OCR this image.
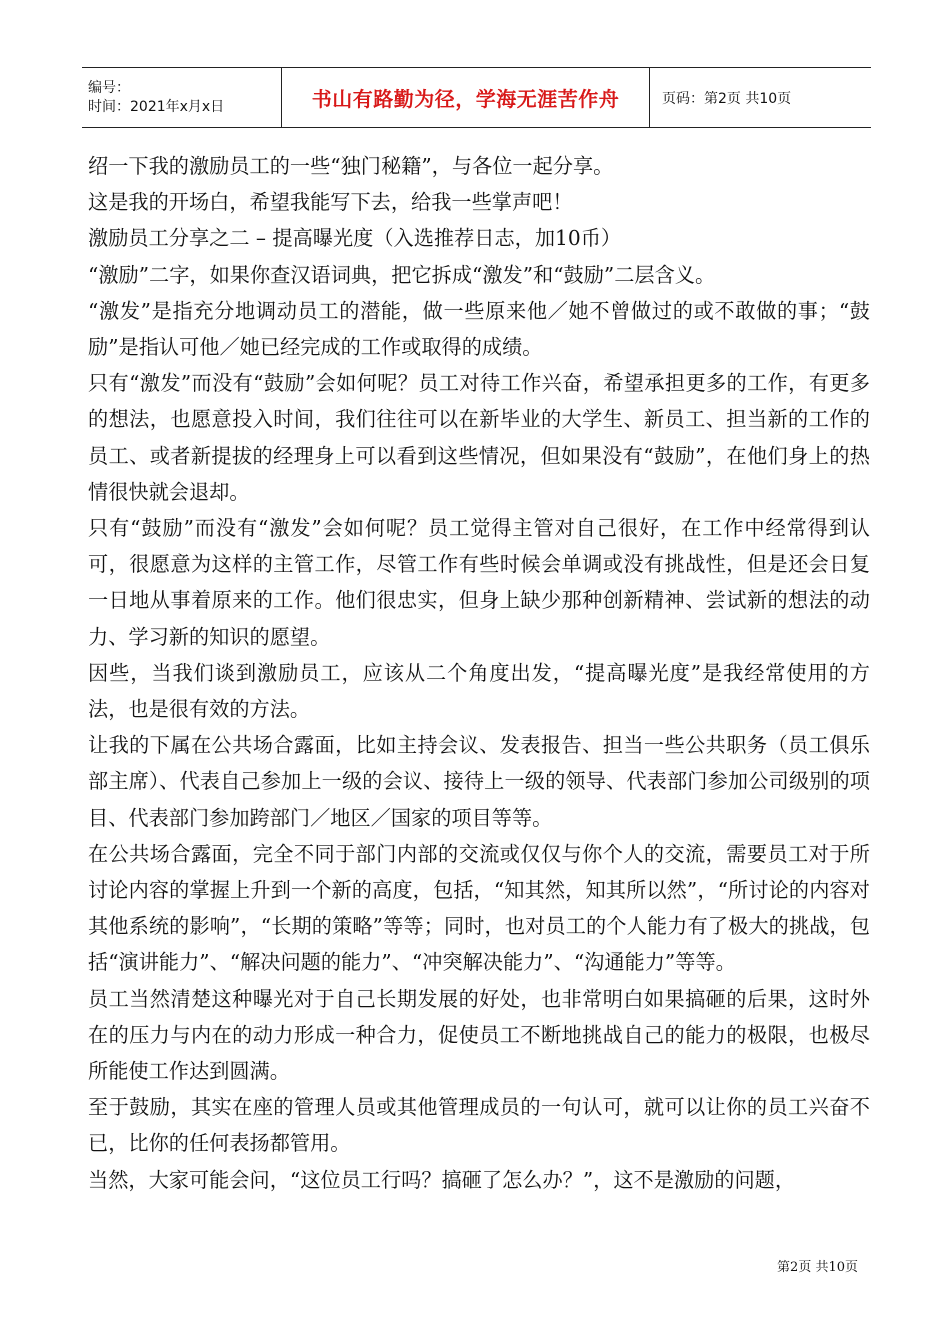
编号：
时间：2021年x月x日	书山有路勤为径，学海无涯苦作舟	页码：第2页 共10页

绍一下我的激励员工的一些“独门秘籍”，与各位一起分享。

这是我的开场白，希望我能写下去，给我一些掌声吧！

激励员工分享之二 – 提高曝光度（入选推荐日志，加10币）

“激励”二字，如果你查汉语词典，把它拆成“激发”和“鼓励”二层含义。

“激发”是指充分地调动员工的潜能，做一些原来他／她不曾做过的或不敢做的事；“鼓励”是指认可他／她已经完成的工作或取得的成绩。

只有“激发”而没有“鼓励”会如何呢？员工对待工作兴奋，希望承担更多的工作，有更多的想法，也愿意投入时间，我们往往可以在新毕业的大学生、新员工、担当新的工作的员工、或者新提拔的经理身上可以看到这些情况，但如果没有“鼓励”，在他们身上的热情很快就会退却。

只有“鼓励”而没有“激发”会如何呢？员工觉得主管对自己很好，在工作中经常得到认可，很愿意为这样的主管工作，尽管工作有些时候会单调或没有挑战性，但是还会日复一日地从事着原来的工作。他们很忠实，但身上缺少那种创新精神、尝试新的想法的动力、学习新的知识的愿望。

因些，当我们谈到激励员工，应该从二个角度出发，“提高曝光度”是我经常使用的方法，也是很有效的方法。

让我的下属在公共场合露面，比如主持会议、发表报告、担当一些公共职务（员工俱乐部主席）、代表自己参加上一级的会议、接待上一级的领导、代表部门参加公司级别的项目、代表部门参加跨部门／地区／国家的项目等等。

在公共场合露面，完全不同于部门内部的交流或仅仅与你个人的交流，需要员工对于所讨论内容的掌握上升到一个新的高度，包括，“知其然，知其所以然”，“所讨论的内容对其他系统的影响”，“长期的策略”等等；同时，也对员工的个人能力有了极大的挑战，包括“演讲能力”、“解决问题的能力”、“冲突解决能力”、“沟通能力”等等。

员工当然清楚这种曝光对于自己长期发展的好处，也非常明白如果搞砸的后果，这时外在的压力与内在的动力形成一种合力，促使员工不断地挑战自己的能力的极限，也极尽所能使工作达到圆满。

至于鼓励，其实在座的管理人员或其他管理成员的一句认可，就可以让你的员工兴奋不已，比你的任何表扬都管用。

当然，大家可能会问，“这位员工行吗？搞砸了怎么办？”，这不是激励的问题，

第2页 共10页
